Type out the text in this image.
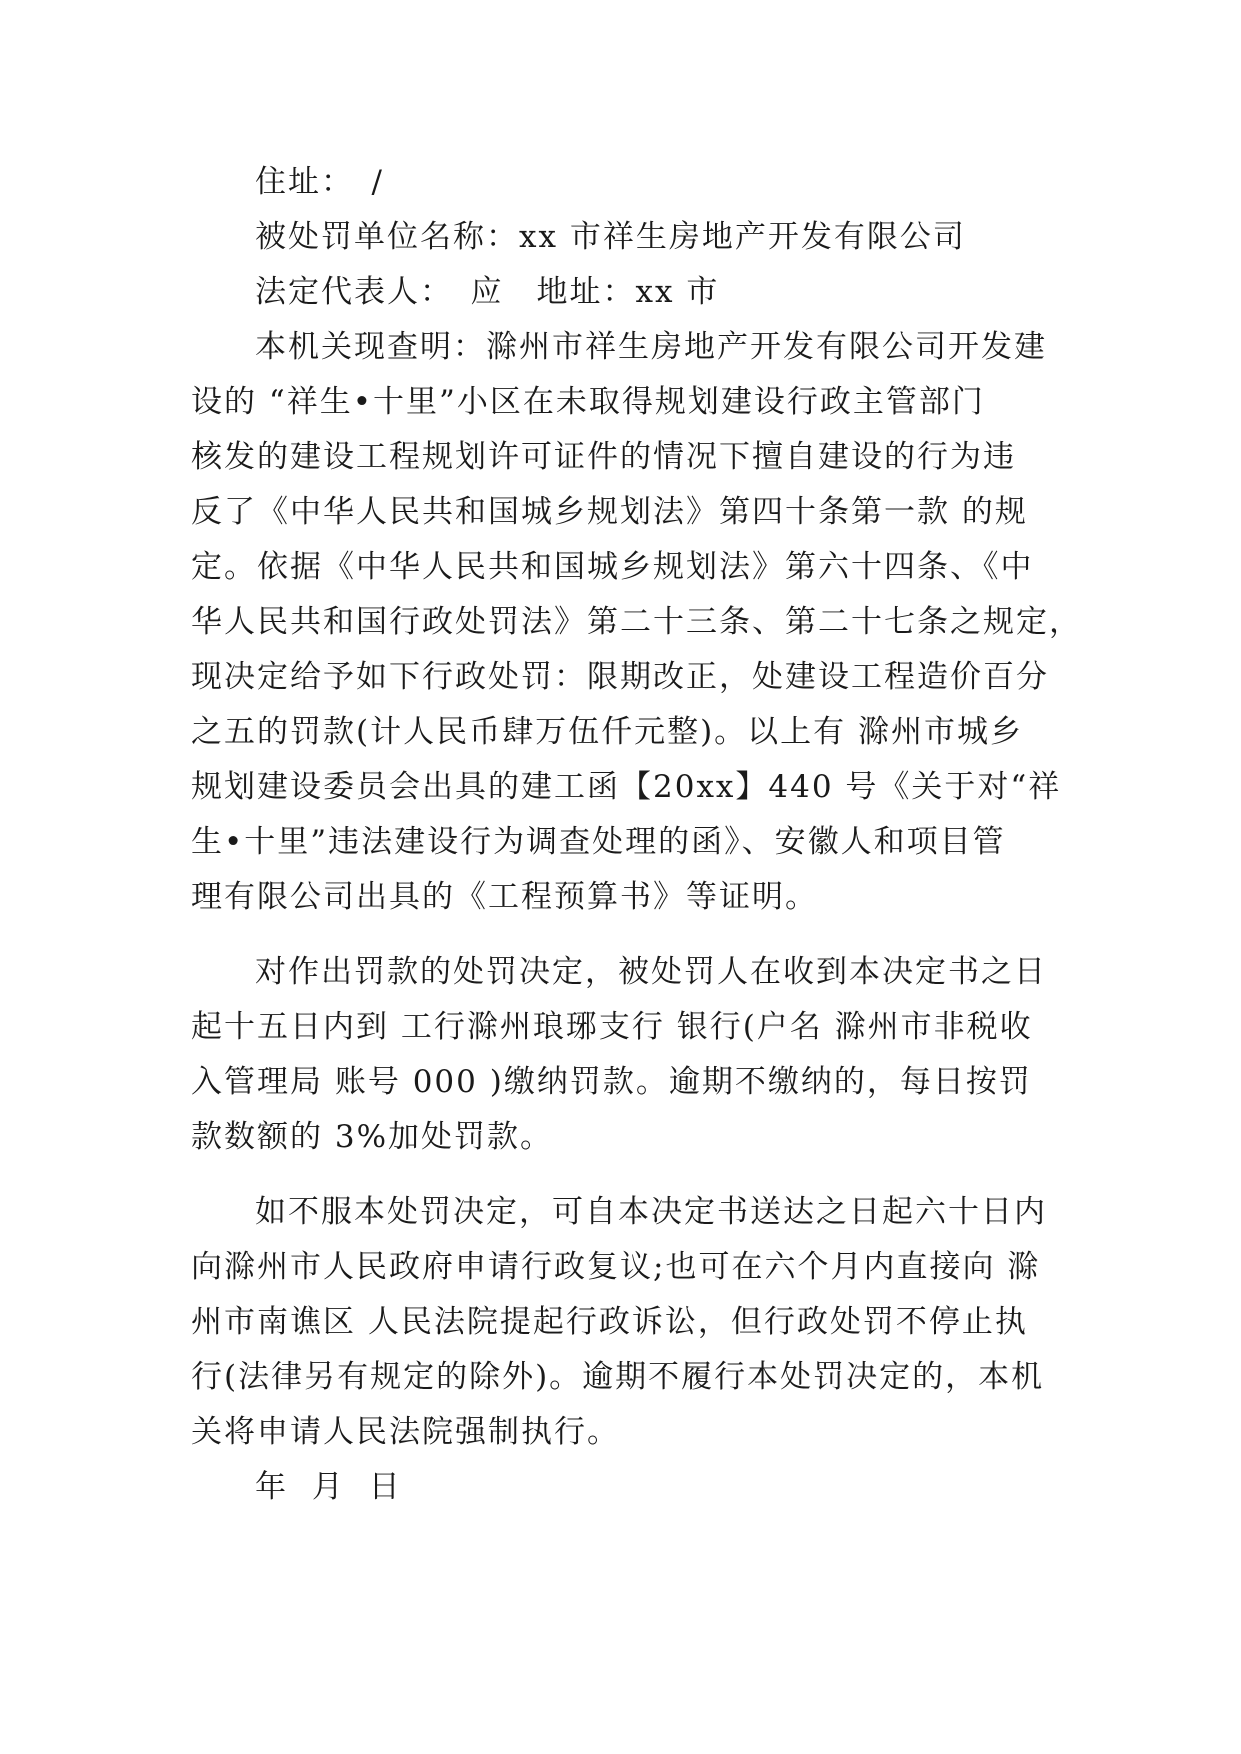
住址：　/
被处罚单位名称：xx 市祥生房地产开发有限公司
法定代表人：　应　地址：xx 市
本机关现查明：滁州市祥生房地产开发有限公司开发建
设的 “祥生•十里”小区在未取得规划建设行政主管部门
核发的建设工程规划许可证件的情况下擅自建设的行为违
反了《中华人民共和国城乡规划法》第四十条第一款 的规
定。依据《中华人民共和国城乡规划法》第六十四条、《中
华人民共和国行政处罚法》第二十三条、第二十七条之规定，
现决定给予如下行政处罚：限期改正，处建设工程造价百分
之五的罚款(计人民币肆万伍仟元整)。以上有 滁州市城乡
规划建设委员会出具的建工函【20xx】440 号《关于对“祥
生•十里”违法建设行为调查处理的函》、安徽人和项目管
理有限公司出具的《工程预算书》等证明。
对作出罚款的处罚决定，被处罚人在收到本决定书之日
起十五日内到 工行滁州琅琊支行 银行(户名 滁州市非税收
入管理局 账号 000 )缴纳罚款。逾期不缴纳的，每日按罚
款数额的 3%加处罚款。
如不服本处罚决定，可自本决定书送达之日起六十日内
向滁州市人民政府申请行政复议;也可在六个月内直接向 滁
州市南谯区 人民法院提起行政诉讼，但行政处罚不停止执
行(法律另有规定的除外)。逾期不履行本处罚决定的，本机
关将申请人民法院强制执行。
年 月 日
